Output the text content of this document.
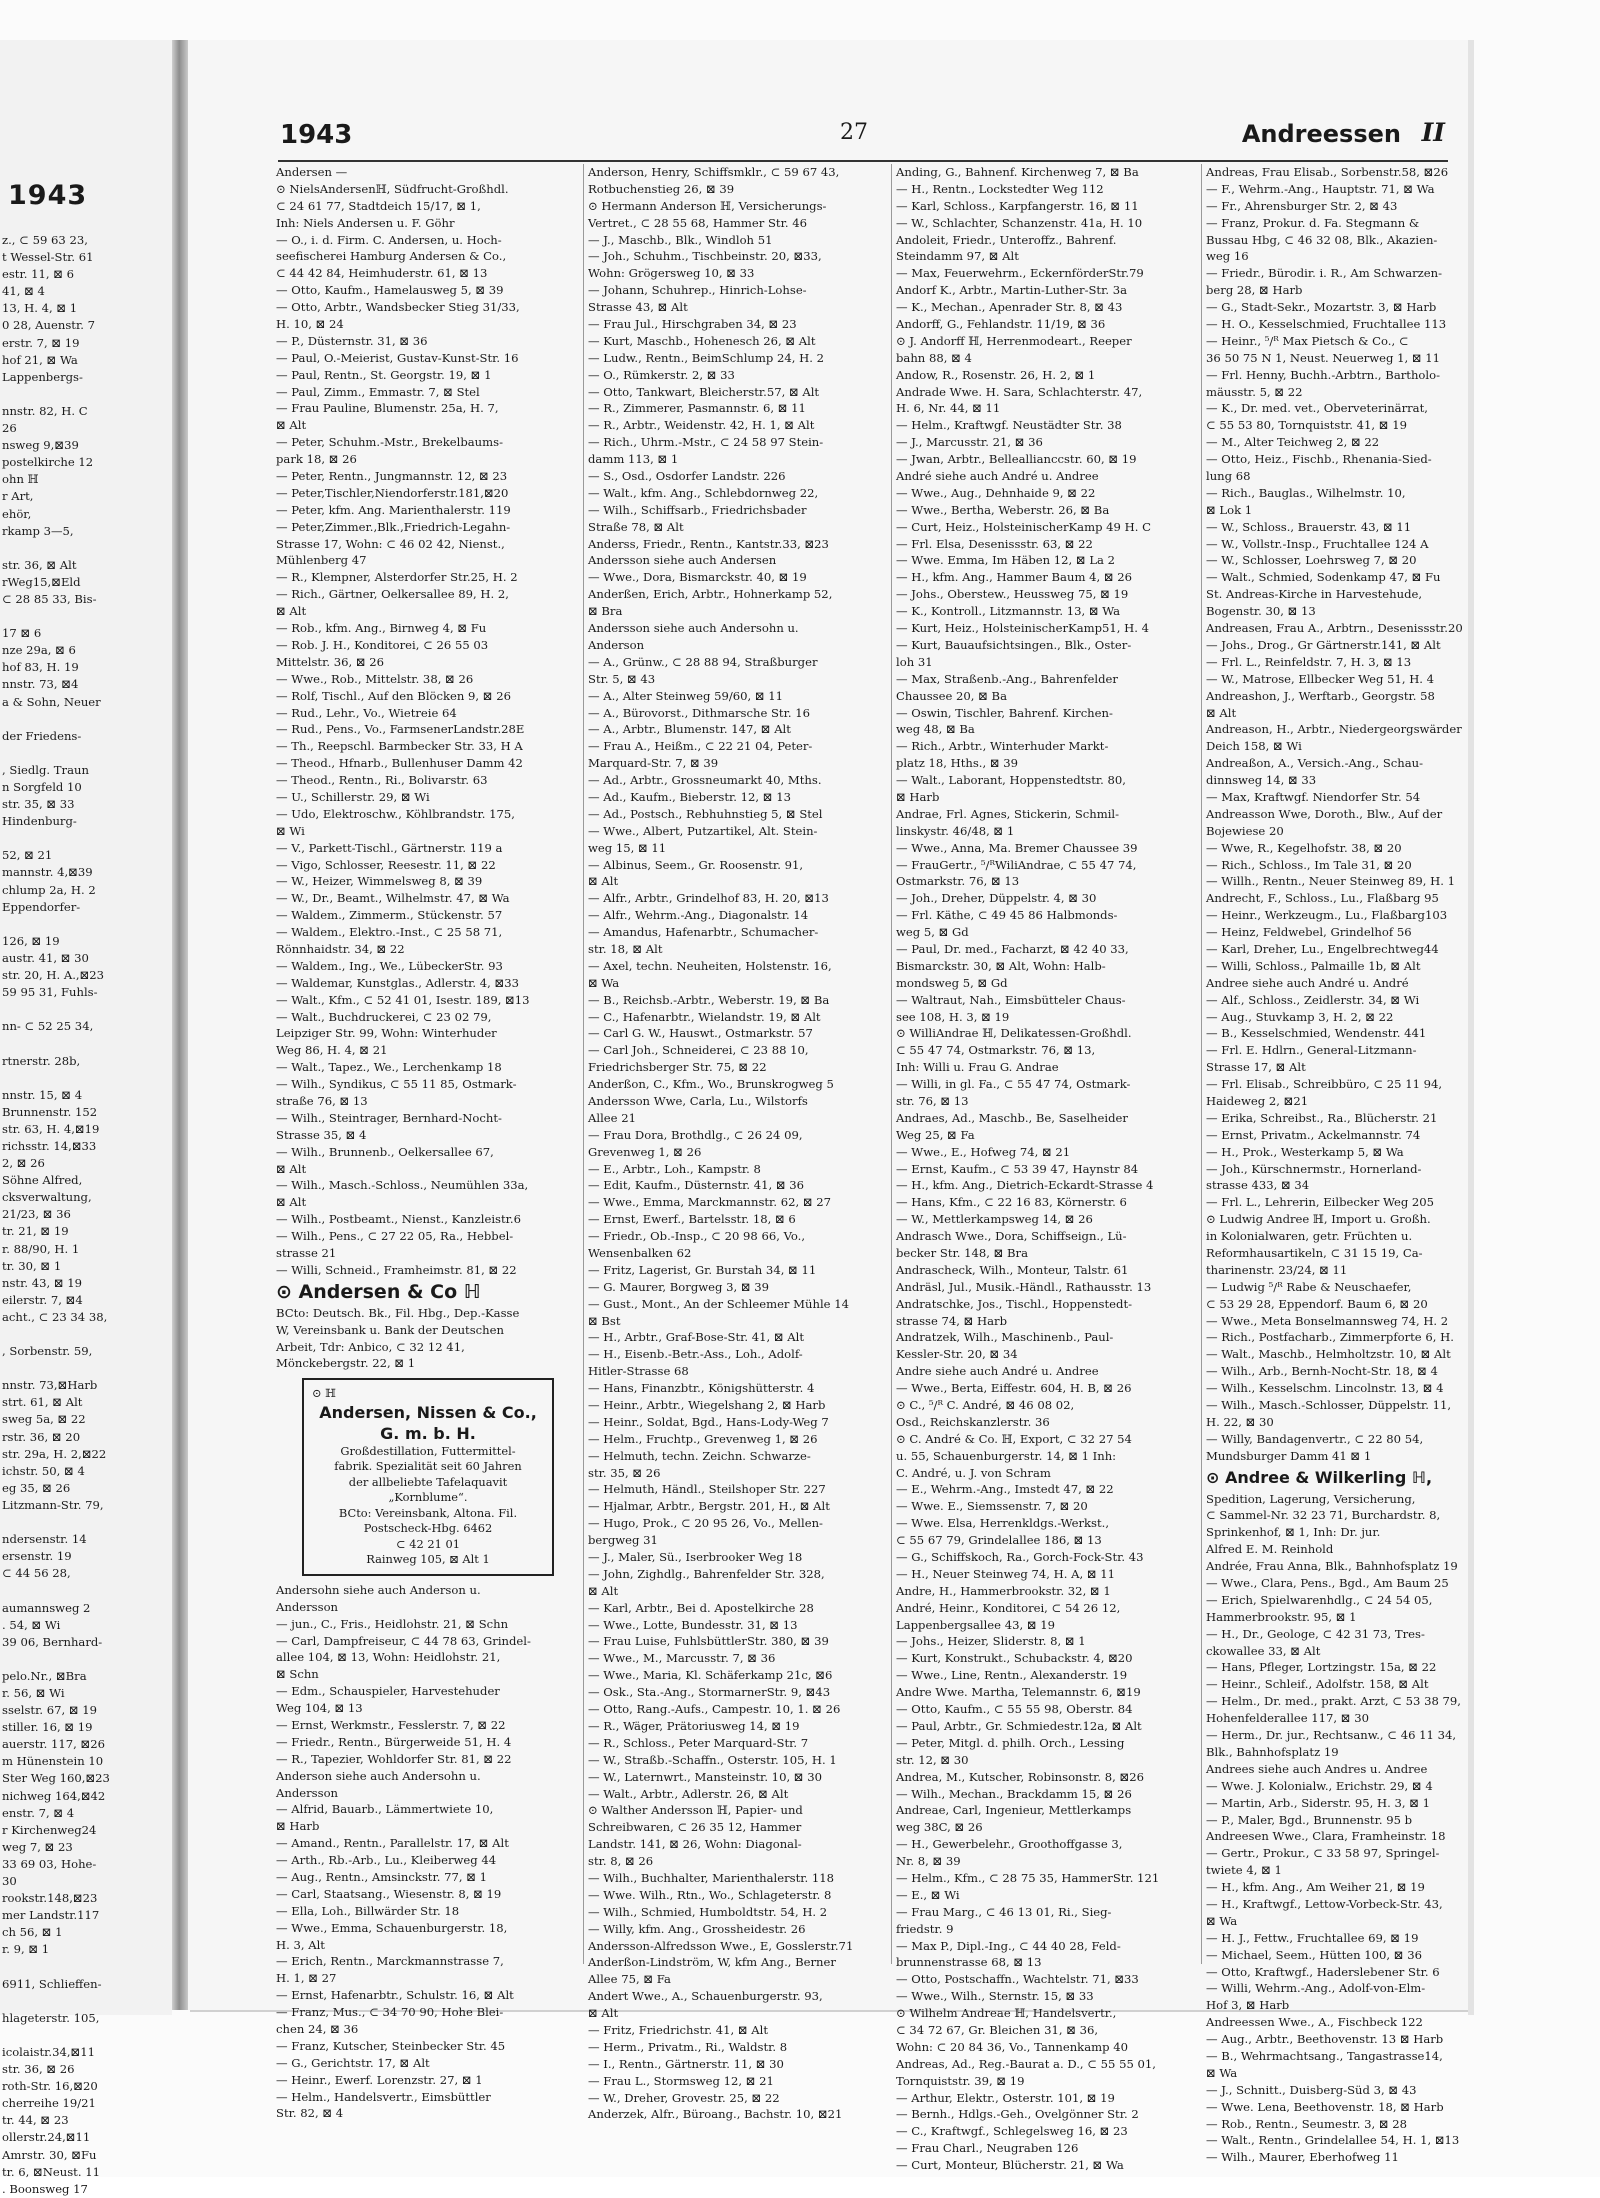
1943
z., ⊂ 59 63 23,
t Wessel-Str. 61
estr. 11, ⊠ 6
41, ⊠ 4
13, H. 4, ⊠ 1
0 28, Auenstr. 7
erstr. 7, ⊠ 19
hof 21, ⊠ Wa
Lappenbergs-
nnstr. 82, H. C
26
nsweg 9,⊠39
postelkirche 12
ohn ℍ
r Art,
ehör,
rkamp 3—5,
str. 36, ⊠ Alt
rWeg15,⊠Eld
⊂ 28 85 33, Bis-
17 ⊠ 6
nze 29a, ⊠ 6
hof 83, H. 19
nnstr. 73, ⊠4
a & Sohn, Neuer
der Friedens-
, Siedlg. Traun
n Sorgfeld 10
str. 35, ⊠ 33
Hindenburg-
52, ⊠ 21
mannstr. 4,⊠39
chlump 2a, H. 2
Eppendorfer-
126, ⊠ 19
austr. 41, ⊠ 30
str. 20, H. A.,⊠23
59 95 31, Fuhls-
nn- ⊂ 52 25 34,
rtnerstr. 28b,
nnstr. 15, ⊠ 4
Brunnenstr. 152
str. 63, H. 4,⊠19
richsstr. 14,⊠33
2, ⊠ 26
Söhne Alfred,
cksverwaltung,
21/23, ⊠ 36
tr. 21, ⊠ 19
r. 88/90, H. 1
tr. 30, ⊠ 1
nstr. 43, ⊠ 19
eilerstr. 7, ⊠4
acht., ⊂ 23 34 38,
, Sorbenstr. 59,
nnstr. 73,⊠Harb
strt. 61, ⊠ Alt
sweg 5a, ⊠ 22
rstr. 36, ⊠ 20
str. 29a, H. 2,⊠22
ichstr. 50, ⊠ 4
eg 35, ⊠ 26
Litzmann-Str. 79,
ndersenstr. 14
ersenstr. 19
⊂ 44 56 28,
aumannsweg 2
. 54, ⊠ Wi
39 06, Bernhard-
pelo.Nr., ⊠Bra
r. 56, ⊠ Wi
sselstr. 67, ⊠ 19
stiller. 16, ⊠ 19
auerstr. 117, ⊠26
m Hünenstein 10
Ster Weg 160,⊠23
nichweg 164,⊠42
enstr. 7, ⊠ 4
r Kirchenweg24
weg 7, ⊠ 23
33 69 03, Hohe-
30
rookstr.148,⊠23
mer Landstr.117
ch 56, ⊠ 1
r. 9, ⊠ 1
6911, Schlieffen-
hlageterstr. 105,
icolaistr.34,⊠11
str. 36, ⊠ 26
roth-Str. 16,⊠20
cherreihe 19/21
tr. 44, ⊠ 23
ollerstr.24,⊠11
Amrstr. 30, ⊠Fu
tr. 6, ⊠Neust. 11
. Boonsweg 17
1943	27	Andreessen II
Andersen —
⊙ NielsAndersenℍ, Südfrucht-Großhdl.
⊂ 24 61 77, Stadtdeich 15/17, ⊠ 1,
Inh: Niels Andersen u. F. Göhr
— O., i. d. Firm. C. Andersen, u. Hoch-
seefischerei Hamburg Andersen & Co.,
⊂ 44 42 84, Heimhuderstr. 61, ⊠ 13
— Otto, Kaufm., Hamelausweg 5, ⊠ 39
— Otto, Arbtr., Wandsbecker Stieg 31/33,
H. 10, ⊠ 24
— P., Düsternstr. 31, ⊠ 36
— Paul, O.-Meierist, Gustav-Kunst-Str. 16
— Paul, Rentn., St. Georgstr. 19, ⊠ 1
— Paul, Zimm., Emmastr. 7, ⊠ Stel
— Frau Pauline, Blumenstr. 25a, H. 7,
⊠ Alt
— Peter, Schuhm.-Mstr., Brekelbaums-
park 18, ⊠ 26
— Peter, Rentn., Jungmannstr. 12, ⊠ 23
— Peter,Tischler,Niendorferstr.181,⊠20
— Peter, kfm. Ang. Marienthalerstr. 119
— Peter,Zimmer.,Blk.,Friedrich-Legahn-
Strasse 17, Wohn: ⊂ 46 02 42, Nienst.,
Mühlenberg 47
— R., Klempner, Alsterdorfer Str.25, H. 2
— Rich., Gärtner, Oelkersallee 89, H. 2,
⊠ Alt
— Rob., kfm. Ang., Birnweg 4, ⊠ Fu
— Rob. J. H., Konditorei, ⊂ 26 55 03
Mittelstr. 36, ⊠ 26
— Wwe., Rob., Mittelstr. 38, ⊠ 26
— Rolf, Tischl., Auf den Blöcken 9, ⊠ 26
— Rud., Lehr., Vo., Wietreie 64
— Rud., Pens., Vo., FarmsenerLandstr.28E
— Th., Reepschl. Barmbecker Str. 33, H A
— Theod., Hfnarb., Bullenhuser Damm 42
— Theod., Rentn., Ri., Bolivarstr. 63
— U., Schillerstr. 29, ⊠ Wi
— Udo, Elektroschw., Köhlbrandstr. 175,
⊠ Wi
— V., Parkett-Tischl., Gärtnerstr. 119 a
— Vigo, Schlosser, Reesestr. 11, ⊠ 22
— W., Heizer, Wimmelsweg 8, ⊠ 39
— W., Dr., Beamt., Wilhelmstr. 47, ⊠ Wa
— Waldem., Zimmerm., Stückenstr. 57
— Waldem., Elektro.-Inst., ⊂ 25 58 71,
Rönnhaidstr. 34, ⊠ 22
— Waldem., Ing., We., LübeckerStr. 93
— Waldemar, Kunstglas., Adlerstr. 4, ⊠33
— Walt., Kfm., ⊂ 52 41 01, Isestr. 189, ⊠13
— Walt., Buchdruckerei, ⊂ 23 02 79,
Leipziger Str. 99, Wohn: Winterhuder
Weg 86, H. 4, ⊠ 21
— Walt., Tapez., We., Lerchenkamp 18
— Wilh., Syndikus, ⊂ 55 11 85, Ostmark-
straße 76, ⊠ 13
— Wilh., Steintrager, Bernhard-Nocht-
Strasse 35, ⊠ 4
— Wilh., Brunnenb., Oelkersallee 67,
⊠ Alt
— Wilh., Masch.-Schloss., Neumühlen 33a,
⊠ Alt
— Wilh., Postbeamt., Nienst., Kanzleistr.6
— Wilh., Pens., ⊂ 27 22 05, Ra., Hebbel-
strasse 21
— Willi, Schneid., Framheimstr. 81, ⊠ 22
⊙ Andersen & Co ℍ
BCto: Deutsch. Bk., Fil. Hbg., Dep.-Kasse
W, Vereinsbank u. Bank der Deutschen
Arbeit, Tdr: Anbico, ⊂ 32 12 41,
Mönckebergstr. 22, ⊠ 1
⊙ ℍ
Andersen, Nissen & Co.,
G. m. b. H.
Großdestillation, Futtermittel-
fabrik. Spezialität seit 60 Jahren
der allbeliebte Tafelaquavit
„Kornblume“.
BCto: Vereinsbank, Altona. Fil.
Postscheck-Hbg. 6462
⊂ 42 21 01
Rainweg 105, ⊠ Alt 1
Andersohn siehe auch Anderson u.
Andersson
— jun., C., Fris., Heidlohstr. 21, ⊠ Schn
— Carl, Dampfreiseur, ⊂ 44 78 63, Grindel-
allee 104, ⊠ 13, Wohn: Heidlohstr. 21,
⊠ Schn
— Edm., Schauspieler, Harvestehuder
Weg 104, ⊠ 13
— Ernst, Werkmstr., Fesslerstr. 7, ⊠ 22
— Friedr., Rentn., Bürgerweide 51, H. 4
— R., Tapezier, Wohldorfer Str. 81, ⊠ 22
Anderson siehe auch Andersohn u.
Andersson
— Alfrid, Bauarb., Lämmertwiete 10,
⊠ Harb
— Amand., Rentn., Parallelstr. 17, ⊠ Alt
— Arth., Rb.-Arb., Lu., Kleiberweg 44
— Aug., Rentn., Amsinckstr. 77, ⊠ 1
— Carl, Staatsang., Wiesenstr. 8, ⊠ 19
— Ella, Loh., Billwärder Str. 18
— Wwe., Emma, Schauenburgerstr. 18,
H. 3, Alt
— Erich, Rentn., Marckmannstrasse 7,
H. 1, ⊠ 27
— Ernst, Hafenarbtr., Schulstr. 16, ⊠ Alt
— Franz, Mus., ⊂ 34 70 90, Hohe Blei-
chen 24, ⊠ 36
— Franz, Kutscher, Steinbecker Str. 45
— G., Gerichtstr. 17, ⊠ Alt
— Heinr., Ewerf. Lorenzstr. 27, ⊠ 1
— Helm., Handelsvertr., Eimsbüttler
Str. 82, ⊠ 4
Anderson, Henry, Schiffsmklr., ⊂ 59 67 43,
Rotbuchenstieg 26, ⊠ 39
⊙ Hermann Anderson ℍ, Versicherungs-
Vertret., ⊂ 28 55 68, Hammer Str. 46
— J., Maschb., Blk., Windloh 51
— Joh., Schuhm., Tischbeinstr. 20, ⊠33,
Wohn: Grögersweg 10, ⊠ 33
— Johann, Schuhrep., Hinrich-Lohse-
Strasse 43, ⊠ Alt
— Frau Jul., Hirschgraben 34, ⊠ 23
— Kurt, Maschb., Hohenesch 26, ⊠ Alt
— Ludw., Rentn., BeimSchlump 24, H. 2
— O., Rümkerstr. 2, ⊠ 33
— Otto, Tankwart, Bleicherstr.57, ⊠ Alt
— R., Zimmerer, Pasmannstr. 6, ⊠ 11
— R., Arbtr., Weidenstr. 42, H. 1, ⊠ Alt
— Rich., Uhrm.-Mstr., ⊂ 24 58 97 Stein-
damm 113, ⊠ 1
— S., Osd., Osdorfer Landstr. 226
— Walt., kfm. Ang., Schlebdornweg 22,
— Wilh., Schiffsarb., Friedrichsbader
Straße 78, ⊠ Alt
Anderss, Friedr., Rentn., Kantstr.33, ⊠23
Andersson siehe auch Andersen
— Wwe., Dora, Bismarckstr. 40, ⊠ 19
Anderßen, Erich, Arbtr., Hohnerkamp 52,
⊠ Bra
Andersson siehe auch Andersohn u.
Anderson
— A., Grünw., ⊂ 28 88 94, Straßburger
Str. 5, ⊠ 43
— A., Alter Steinweg 59/60, ⊠ 11
— A., Bürovorst., Dithmarsche Str. 16
— A., Arbtr., Blumenstr. 147, ⊠ Alt
— Frau A., Heißm., ⊂ 22 21 04, Peter-
Marquard-Str. 7, ⊠ 39
— Ad., Arbtr., Grossneumarkt 40, Mths.
— Ad., Kaufm., Bieberstr. 12, ⊠ 13
— Ad., Postsch., Rebhuhnstieg 5, ⊠ Stel
— Wwe., Albert, Putzartikel, Alt. Stein-
weg 15, ⊠ 11
— Albinus, Seem., Gr. Roosenstr. 91,
⊠ Alt
— Alfr., Arbtr., Grindelhof 83, H. 20, ⊠13
— Alfr., Wehrm.-Ang., Diagonalstr. 14
— Amandus, Hafenarbtr., Schumacher-
str. 18, ⊠ Alt
— Axel, techn. Neuheiten, Holstenstr. 16,
⊠ Wa
— B., Reichsb.-Arbtr., Weberstr. 19, ⊠ Ba
— C., Hafenarbtr., Wielandstr. 19, ⊠ Alt
— Carl G. W., Hauswt., Ostmarkstr. 57
— Carl Joh., Schneiderei, ⊂ 23 88 10,
Friedrichsberger Str. 75, ⊠ 22
Anderßon, C., Kfm., Wo., Brunskrogweg 5
Andersson Wwe, Carla, Lu., Wilstorfs
Allee 21
— Frau Dora, Brothdlg., ⊂ 26 24 09,
Grevenweg 1, ⊠ 26
— E., Arbtr., Loh., Kampstr. 8
— Edit, Kaufm., Düsternstr. 41, ⊠ 36
— Wwe., Emma, Marckmannstr. 62, ⊠ 27
— Ernst, Ewerf., Bartelsstr. 18, ⊠ 6
— Friedr., Ob.-Insp., ⊂ 20 98 66, Vo.,
Wensenbalken 62
— Fritz, Lagerist, Gr. Burstah 34, ⊠ 11
— G. Maurer, Borgweg 3, ⊠ 39
— Gust., Mont., An der Schleemer Mühle 14
⊠ Bst
— H., Arbtr., Graf-Bose-Str. 41, ⊠ Alt
— H., Eisenb.-Betr.-Ass., Loh., Adolf-
Hitler-Strasse 68
— Hans, Finanzbtr., Königshütterstr. 4
— Heinr., Arbtr., Wiegelshang 2, ⊠ Harb
— Heinr., Soldat, Bgd., Hans-Lody-Weg 7
— Helm., Fruchtp., Grevenweg 1, ⊠ 26
— Helmuth, techn. Zeichn. Schwarze-
str. 35, ⊠ 26
— Helmuth, Händl., Steilshoper Str. 227
— Hjalmar, Arbtr., Bergstr. 201, H., ⊠ Alt
— Hugo, Prok., ⊂ 20 95 26, Vo., Mellen-
bergweg 31
— J., Maler, Sü., Iserbrooker Weg 18
— John, Zighdlg., Bahrenfelder Str. 328,
⊠ Alt
— Karl, Arbtr., Bei d. Apostelkirche 28
— Wwe., Lotte, Bundesstr. 31, ⊠ 13
— Frau Luise, FuhlsbüttlerStr. 380, ⊠ 39
— Wwe., M., Marcusstr. 7, ⊠ 36
— Wwe., Maria, Kl. Schäferkamp 21c, ⊠6
— Osk., Sta.-Ang., StormarnerStr. 9, ⊠43
— Otto, Rang.-Aufs., Campestr. 10, 1. ⊠ 26
— R., Wäger, Prätoriusweg 14, ⊠ 19
— R., Schloss., Peter Marquard-Str. 7
— W., Straßb.-Schaffn., Osterstr. 105, H. 1
— W., Laternwrt., Mansteinstr. 10, ⊠ 30
— Walt., Arbtr., Adlerstr. 26, ⊠ Alt
⊙ Walther Andersson ℍ, Papier- und
Schreibwaren, ⊂ 26 35 12, Hammer
Landstr. 141, ⊠ 26, Wohn: Diagonal-
str. 8, ⊠ 26
— Wilh., Buchhalter, Marienthalerstr. 118
— Wwe. Wilh., Rtn., Wo., Schlageterstr. 8
— Wilh., Schmied, Humboldtstr. 54, H. 2
— Willy, kfm. Ang., Grossheidestr. 26
Andersson-Alfredsson Wwe., E, Gosslerstr.71
Anderßon-Lindström, W, kfm Ang., Berner
Allee 75, ⊠ Fa
Andert Wwe., A., Schauenburgerstr. 93,
⊠ Alt
— Fritz, Friedrichstr. 41, ⊠ Alt
— Herm., Privatm., Ri., Waldstr. 8
— I., Rentn., Gärtnerstr. 11, ⊠ 30
— Frau L., Stormsweg 12, ⊠ 21
— W., Dreher, Grovestr. 25, ⊠ 22
Anderzek, Alfr., Büroang., Bachstr. 10, ⊠21
Anding, G., Bahnenf. Kirchenweg 7, ⊠ Ba
— H., Rentn., Lockstedter Weg 112
— Karl, Schloss., Karpfangerstr. 16, ⊠ 11
— W., Schlachter, Schanzenstr. 41a, H. 10
Andoleit, Friedr., Unteroffz., Bahrenf.
Steindamm 97, ⊠ Alt
— Max, Feuerwehrm., EckernförderStr.79
Andorf K., Arbtr., Martin-Luther-Str. 3a
— K., Mechan., Apenrader Str. 8, ⊠ 43
Andorff, G., Fehlandstr. 11/19, ⊠ 36
⊙ J. Andorff ℍ, Herrenmodeart., Reeper
bahn 88, ⊠ 4
Andow, R., Rosenstr. 26, H. 2, ⊠ 1
Andrade Wwe. H. Sara, Schlachterstr. 47,
H. 6, Nr. 44, ⊠ 11
— Helm., Kraftwgf. Neustädter Str. 38
— J., Marcusstr. 21, ⊠ 36
— Jwan, Arbtr., Belleallianccstr. 60, ⊠ 19
André siehe auch André u. Andree
— Wwe., Aug., Dehnhaide 9, ⊠ 22
— Wwe., Bertha, Weberstr. 26, ⊠ Ba
— Curt, Heiz., HolsteinischerKamp 49 H. C
— Frl. Elsa, Desenissstr. 63, ⊠ 22
— Wwe. Emma, Im Häben 12, ⊠ La 2
— H., kfm. Ang., Hammer Baum 4, ⊠ 26
— Johs., Oberstew., Heussweg 75, ⊠ 19
— K., Kontroll., Litzmannstr. 13, ⊠ Wa
— Kurt, Heiz., HolsteinischerKamp51, H. 4
— Kurt, Bauaufsichtsingen., Blk., Oster-
loh 31
— Max, Straßenb.-Ang., Bahrenfelder
Chaussee 20, ⊠ Ba
— Oswin, Tischler, Bahrenf. Kirchen-
weg 48, ⊠ Ba
— Rich., Arbtr., Winterhuder Markt-
platz 18, Hths., ⊠ 39
— Walt., Laborant, Hoppenstedtstr. 80,
⊠ Harb
Andrae, Frl. Agnes, Stickerin, Schmil-
linskystr. 46/48, ⊠ 1
— Wwe., Anna, Ma. Bremer Chaussee 39
— FrauGertr., ⁵/ᴿWiliAndrae, ⊂ 55 47 74,
Ostmarkstr. 76, ⊠ 13
— Joh., Dreher, Düppelstr. 4, ⊠ 30
— Frl. Käthe, ⊂ 49 45 86 Halbmonds-
weg 5, ⊠ Gd
— Paul, Dr. med., Facharzt, ⊠ 42 40 33,
Bismarckstr. 30, ⊠ Alt, Wohn: Halb-
mondsweg 5, ⊠ Gd
— Waltraut, Nah., Eimsbütteler Chaus-
see 108, H. 3, ⊠ 19
⊙ WilliAndrae ℍ, Delikatessen-Großhdl.
⊂ 55 47 74, Ostmarkstr. 76, ⊠ 13,
Inh: Willi u. Frau G. Andrae
— Willi, in gl. Fa., ⊂ 55 47 74, Ostmark-
str. 76, ⊠ 13
Andraes, Ad., Maschb., Be, Saselheider
Weg 25, ⊠ Fa
— Wwe., E., Hofweg 74, ⊠ 21
— Ernst, Kaufm., ⊂ 53 39 47, Haynstr 84
— H., kfm. Ang., Dietrich-Eckardt-Strasse 4
— Hans, Kfm., ⊂ 22 16 83, Körnerstr. 6
— W., Mettlerkampsweg 14, ⊠ 26
Andrasch Wwe., Dora, Schiffseign., Lü-
becker Str. 148, ⊠ Bra
Andrascheck, Wilh., Monteur, Talstr. 61
Andräsl, Jul., Musik.-Händl., Rathausstr. 13
Andratschke, Jos., Tischl., Hoppenstedt-
strasse 74, ⊠ Harb
Andratzek, Wilh., Maschinenb., Paul-
Kessler-Str. 20, ⊠ 34
Andre siehe auch André u. Andree
— Wwe., Berta, Eiffestr. 604, H. B, ⊠ 26
⊙ C., ⁵/ᴿ C. André, ⊠ 46 08 02,
Osd., Reichskanzlerstr. 36
⊙ C. André & Co. ℍ, Export, ⊂ 32 27 54
u. 55, Schauenburgerstr. 14, ⊠ 1 Inh:
C. André, u. J. von Schram
— E., Wehrm.-Ang., Imstedt 47, ⊠ 22
— Wwe. E., Siemssenstr. 7, ⊠ 20
— Wwe. Elsa, Herrenkldgs.-Werkst.,
⊂ 55 67 79, Grindelallee 186, ⊠ 13
— G., Schiffskoch, Ra., Gorch-Fock-Str. 43
— H., Neuer Steinweg 74, H. A, ⊠ 11
Andre, H., Hammerbrookstr. 32, ⊠ 1
André, Heinr., Konditorei, ⊂ 54 26 12,
Lappenbergsallee 43, ⊠ 19
— Johs., Heizer, Sliderstr. 8, ⊠ 1
— Kurt, Konstrukt., Schubackstr. 4, ⊠20
— Wwe., Line, Rentn., Alexanderstr. 19
Andre Wwe. Martha, Telemannstr. 6, ⊠19
— Otto, Kaufm., ⊂ 55 55 98, Oberstr. 84
— Paul, Arbtr., Gr. Schmiedestr.12a, ⊠ Alt
— Peter, Mitgl. d. philh. Orch., Lessing
str. 12, ⊠ 30
Andrea, M., Kutscher, Robinsonstr. 8, ⊠26
— Wilh., Mechan., Brackdamm 15, ⊠ 26
Andreae, Carl, Ingenieur, Mettlerkamps
weg 38C, ⊠ 26
— H., Gewerbelehr., Groothoffgasse 3,
Nr. 8, ⊠ 39
— Helm., Kfm., ⊂ 28 75 35, HammerStr. 121
— E., ⊠ Wi
— Frau Marg., ⊂ 46 13 01, Ri., Sieg-
friedstr. 9
— Max P., Dipl.-Ing., ⊂ 44 40 28, Feld-
brunnenstrasse 68, ⊠ 13
— Otto, Postschaffn., Wachtelstr. 71, ⊠33
— Wwe., Wilh., Sternstr. 15, ⊠ 33
⊙ Wilhelm Andreae ℍ, Handelsvertr.,
⊂ 34 72 67, Gr. Bleichen 31, ⊠ 36,
Wohn: ⊂ 20 84 36, Vo., Tannenkamp 40
Andreas, Ad., Reg.-Baurat a. D., ⊂ 55 55 01,
Tornquiststr. 39, ⊠ 19
— Arthur, Elektr., Osterstr. 101, ⊠ 19
— Bernh., Hdlgs.-Geh., Ovelgönner Str. 2
— C., Kraftwgf., Schlegelsweg 16, ⊠ 23
— Frau Charl., Neugraben 126
— Curt, Monteur, Blücherstr. 21, ⊠ Wa
Andreas, Frau Elisab., Sorbenstr.58, ⊠26
— F., Wehrm.-Ang., Hauptstr. 71, ⊠ Wa
— Fr., Ahrensburger Str. 2, ⊠ 43
— Franz, Prokur. d. Fa. Stegmann &
Bussau Hbg, ⊂ 46 32 08, Blk., Akazien-
weg 16
— Friedr., Bürodir. i. R., Am Schwarzen-
berg 28, ⊠ Harb
— G., Stadt-Sekr., Mozartstr. 3, ⊠ Harb
— H. O., Kesselschmied, Fruchtallee 113
— Heinr., ⁵/ᴿ Max Pietsch & Co., ⊂
36 50 75 N 1, Neust. Neuerweg 1, ⊠ 11
— Frl. Henny, Buchh.-Arbtrn., Bartholo-
mäusstr. 5, ⊠ 22
— K., Dr. med. vet., Oberveterinärrat,
⊂ 55 53 80, Tornquiststr. 41, ⊠ 19
— M., Alter Teichweg 2, ⊠ 22
— Otto, Heiz., Fischb., Rhenania-Sied-
lung 68
— Rich., Bauglas., Wilhelmstr. 10,
⊠ Lok 1
— W., Schloss., Brauerstr. 43, ⊠ 11
— W., Vollstr.-Insp., Fruchtallee 124 A
— W., Schlosser, Loehrsweg 7, ⊠ 20
— Walt., Schmied, Sodenkamp 47, ⊠ Fu
St. Andreas-Kirche in Harvestehude,
Bogenstr. 30, ⊠ 13
Andreasen, Frau A., Arbtrn., Desenissstr.20
— Johs., Drog., Gr Gärtnerstr.141, ⊠ Alt
— Frl. L., Reinfeldstr. 7, H. 3, ⊠ 13
— W., Matrose, Ellbecker Weg 51, H. 4
Andreashon, J., Werftarb., Georgstr. 58
⊠ Alt
Andreason, H., Arbtr., Niedergeorgswärder
Deich 158, ⊠ Wi
Andreaßon, A., Versich.-Ang., Schau-
dinnsweg 14, ⊠ 33
— Max, Kraftwgf. Niendorfer Str. 54
Andreasson Wwe, Doroth., Blw., Auf der
Bojewiese 20
— Wwe, R., Kegelhofstr. 38, ⊠ 20
— Rich., Schloss., Im Tale 31, ⊠ 20
— Willh., Rentn., Neuer Steinweg 89, H. 1
Andrecht, F., Schloss., Lu., Flaßbarg 95
— Heinr., Werkzeugm., Lu., Flaßbarg103
— Heinz, Feldwebel, Grindelhof 56
— Karl, Dreher, Lu., Engelbrechtweg44
— Willi, Schloss., Palmaille 1b, ⊠ Alt
Andree siehe auch André u. André
— Alf., Schloss., Zeidlerstr. 34, ⊠ Wi
— Aug., Stuvkamp 3, H. 2, ⊠ 22
— B., Kesselschmied, Wendenstr. 441
— Frl. E. Hdlrn., General-Litzmann-
Strasse 17, ⊠ Alt
— Frl. Elisab., Schreibbüro, ⊂ 25 11 94,
Haideweg 2, ⊠21
— Erika, Schreibst., Ra., Blücherstr. 21
— Ernst, Privatm., Ackelmannstr. 74
— H., Prok., Westerkamp 5, ⊠ Wa
— Joh., Kürschnermstr., Hornerland-
strasse 433, ⊠ 34
— Frl. L., Lehrerin, Eilbecker Weg 205
⊙ Ludwig Andree ℍ, Import u. Großh.
in Kolonialwaren, getr. Früchten u.
Reformhausartikeln, ⊂ 31 15 19, Ca-
tharinenstr. 23/24, ⊠ 11
— Ludwig ⁵/ᴿ Rabe & Neuschaefer,
⊂ 53 29 28, Eppendorf. Baum 6, ⊠ 20
— Wwe., Meta Bonselmannsweg 74, H. 2
— Rich., Postfacharb., Zimmerpforte 6, H.
— Walt., Maschb., Helmholtzstr. 10, ⊠ Alt
— Wilh., Arb., Bernh-Nocht-Str. 18, ⊠ 4
— Wilh., Kesselschm. Lincolnstr. 13, ⊠ 4
— Wilh., Masch.-Schlosser, Düppelstr. 11,
H. 22, ⊠ 30
— Willy, Bandagenvertr., ⊂ 22 80 54,
Mundsburger Damm 41 ⊠ 1
⊙ Andree & Wilkerling ℍ,
Spedition, Lagerung, Versicherung,
⊂ Sammel-Nr. 32 23 71, Burchardstr. 8,
Sprinkenhof, ⊠ 1, Inh: Dr. jur.
Alfred E. M. Reinhold
Andrée, Frau Anna, Blk., Bahnhofsplatz 19
— Wwe., Clara, Pens., Bgd., Am Baum 25
— Erich, Spielwarenhdlg., ⊂ 24 54 05,
Hammerbrookstr. 95, ⊠ 1
— H., Dr., Geologe, ⊂ 42 31 73, Tres-
ckowallee 33, ⊠ Alt
— Hans, Pfleger, Lortzingstr. 15a, ⊠ 22
— Heinr., Schleif., Adolfstr. 158, ⊠ Alt
— Helm., Dr. med., prakt. Arzt, ⊂ 53 38 79,
Hohenfelderallee 117, ⊠ 30
— Herm., Dr. jur., Rechtsanw., ⊂ 46 11 34,
Blk., Bahnhofsplatz 19
Andrees siehe auch Andres u. Andree
— Wwe. J. Kolonialw., Erichstr. 29, ⊠ 4
— Martin, Arb., Siderstr. 95, H. 3, ⊠ 1
— P., Maler, Bgd., Brunnenstr. 95 b
Andreesen Wwe., Clara, Framheinstr. 18
— Gertr., Prokur., ⊂ 33 58 97, Springel-
twiete 4, ⊠ 1
— H., kfm. Ang., Am Weiher 21, ⊠ 19
— H., Kraftwgf., Lettow-Vorbeck-Str. 43,
⊠ Wa
— H. J., Fettw., Fruchtallee 69, ⊠ 19
— Michael, Seem., Hütten 100, ⊠ 36
— Otto, Kraftwgf., Haderslebener Str. 6
— Willi, Wehrm.-Ang., Adolf-von-Elm-
Hof 3, ⊠ Harb
Andreessen Wwe., A., Fischbeck 122
— Aug., Arbtr., Beethovenstr. 13 ⊠ Harb
— B., Wehrmachtsang., Tangastrasse14,
⊠ Wa
— J., Schnitt., Duisberg-Süd 3, ⊠ 43
— Wwe. Lena, Beethovenstr. 18, ⊠ Harb
— Rob., Rentn., Seumestr. 3, ⊠ 28
— Walt., Rentn., Grindelallee 54, H. 1, ⊠13
— Wilh., Maurer, Eberhofweg 11
